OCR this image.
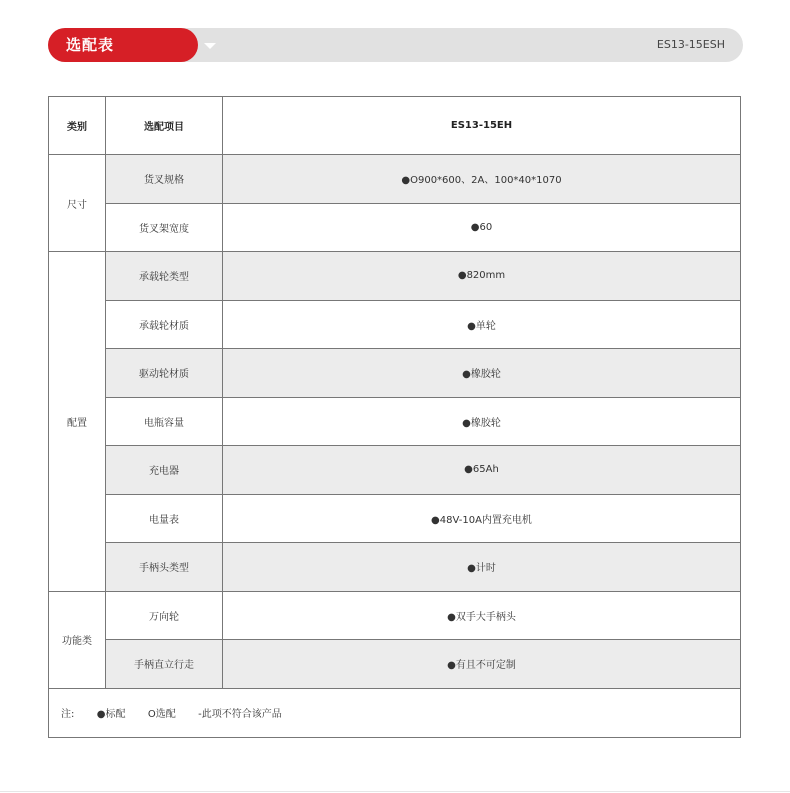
选配表	ES13-15ESH
类别	选配项目	ES13-15EH
尺寸	货叉规格	●O900*600、2A、100*40*1070
	货叉架宽度	●60
配置	承载轮类型	●820mm
	承载轮材质	●单轮
	驱动轮材质	●橡胶轮
	电瓶容量	●橡胶轮
	充电器	●65Ah
	电量表	●48V-10A内置充电机
	手柄头类型	●计时
功能类	万向轮	●双手大手柄头
	手柄直立行走	●有且不可定制
注: ●标配 O选配 -此项不符合该产品		
